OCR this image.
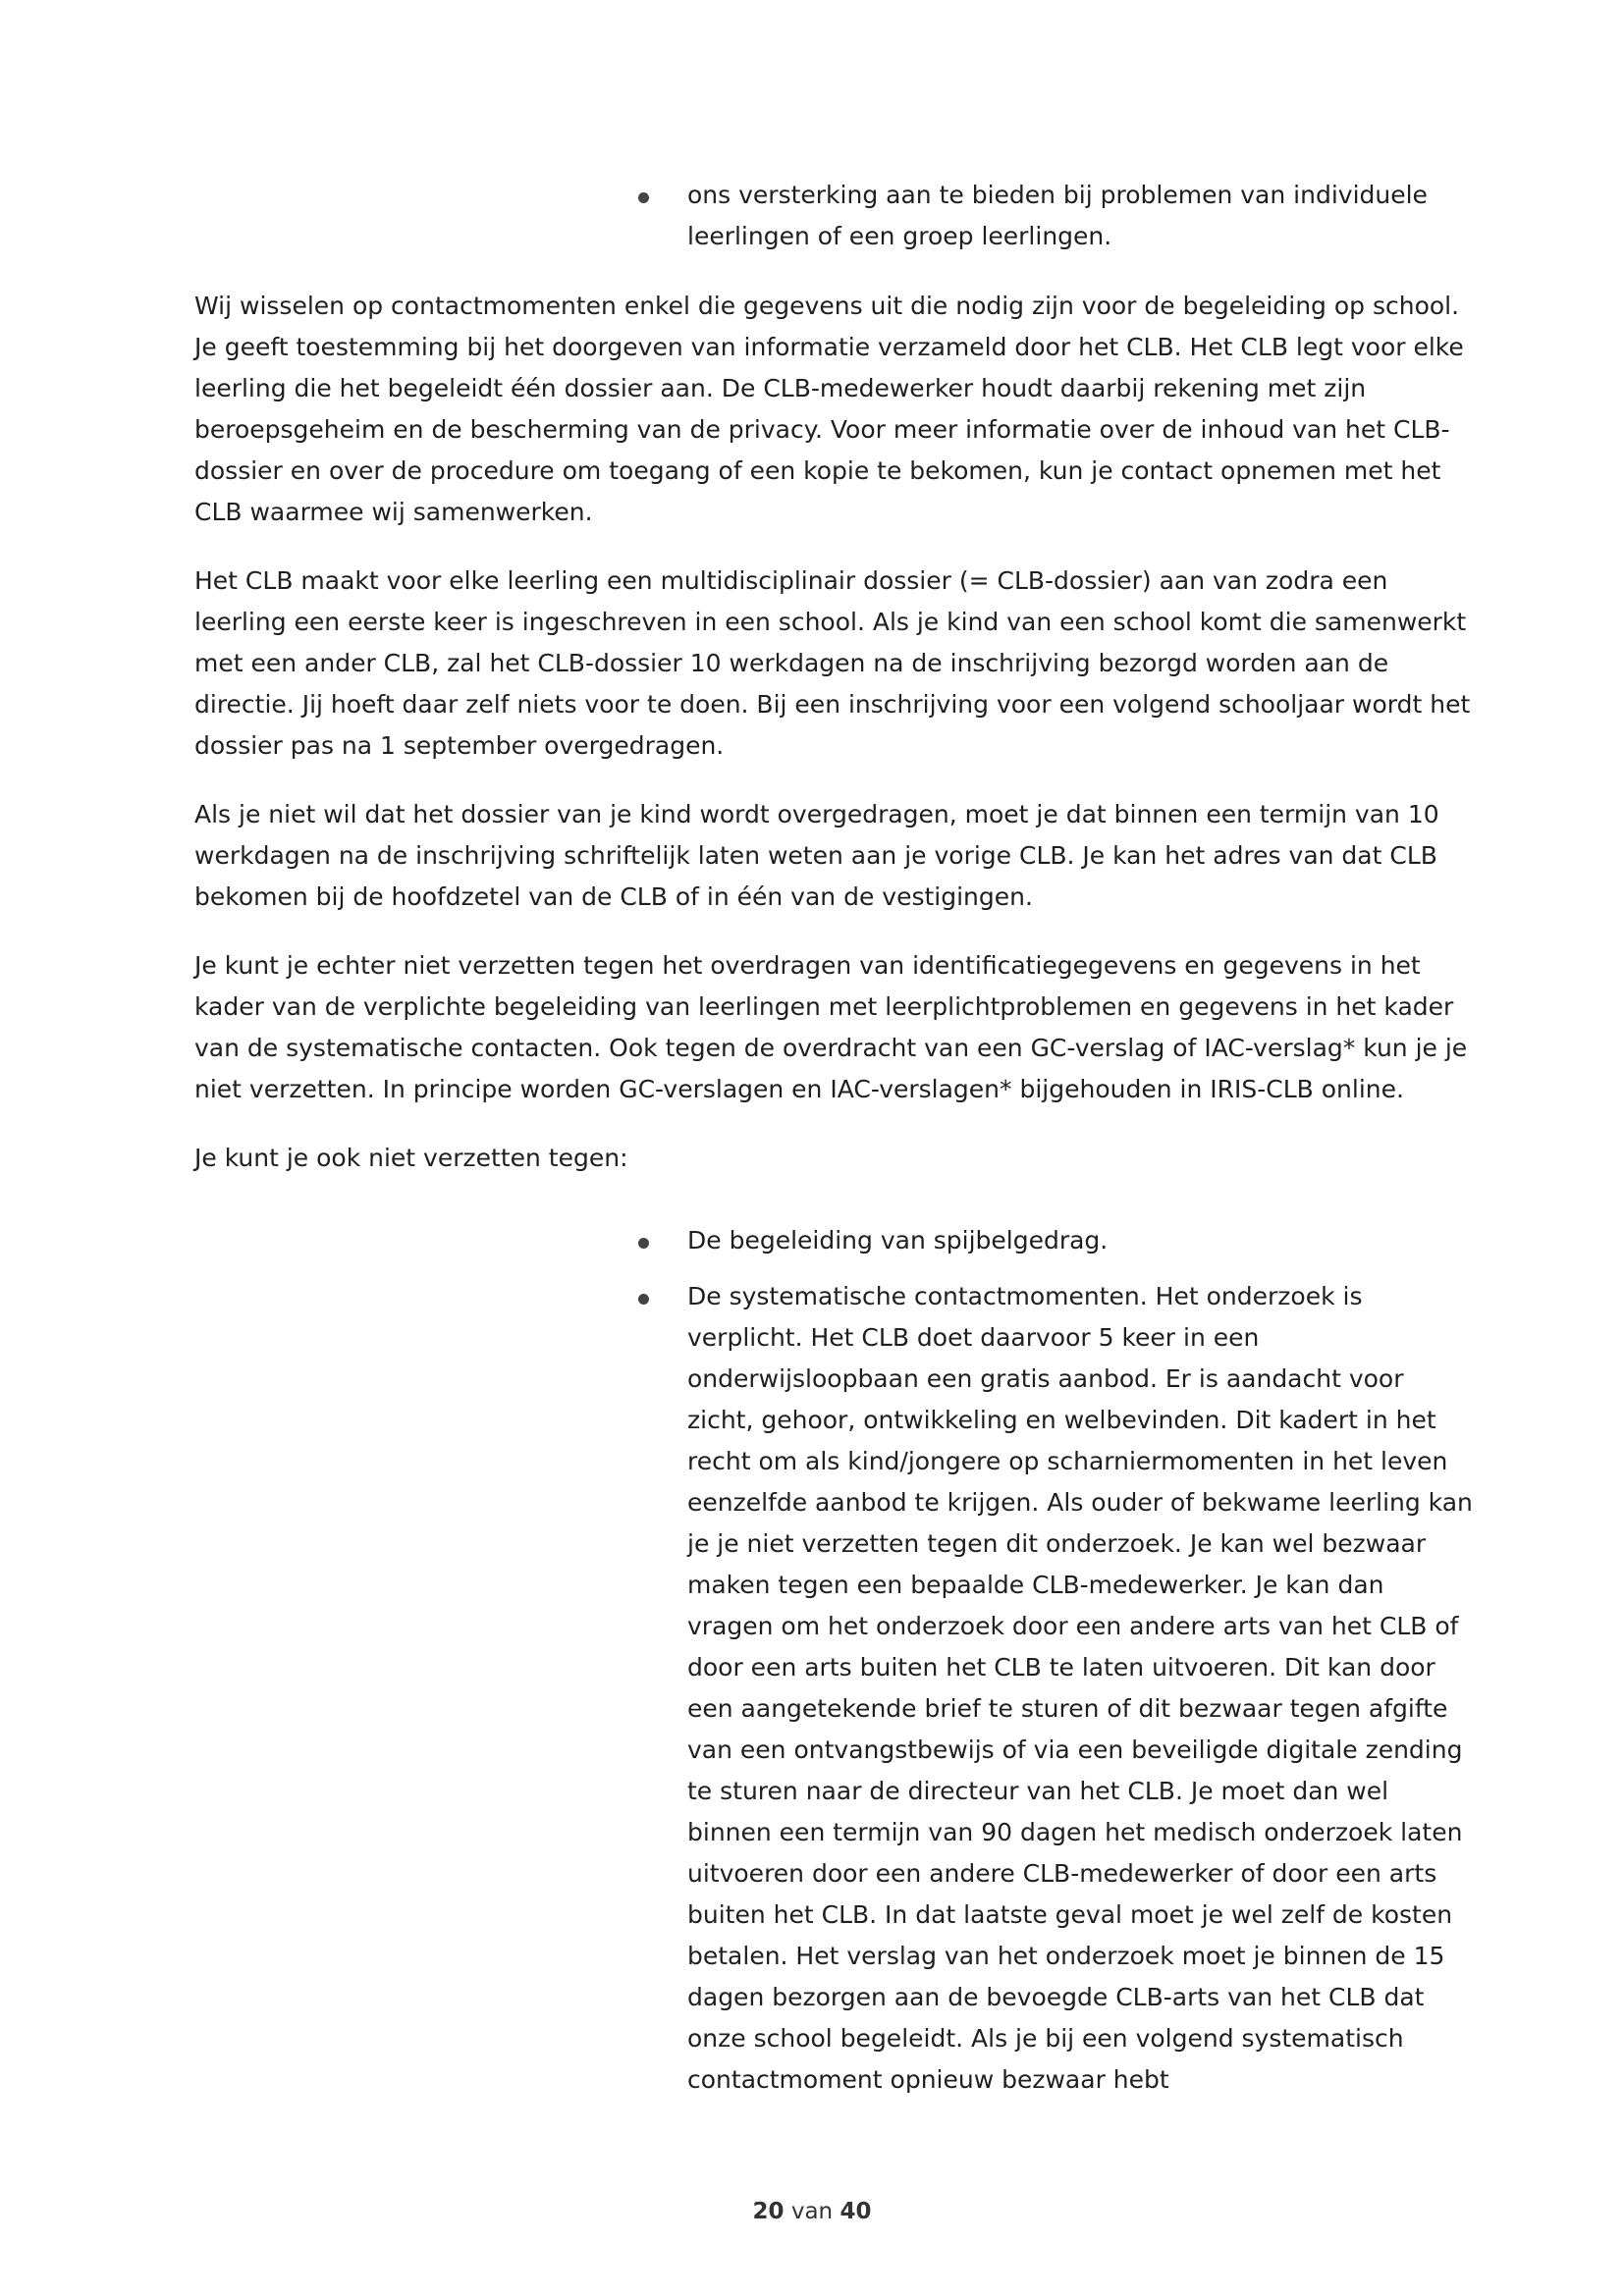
ons versterking aan te bieden bij problemen van individuele leerlingen of een groep leerlingen.

Wij wisselen op contactmomenten enkel die gegevens uit die nodig zijn voor de begeleiding op school. Je geeft toestemming bij het doorgeven van informatie verzameld door het CLB. Het CLB legt voor elke leerling die het begeleidt één dossier aan. De CLB-medewerker houdt daarbij rekening met zijn beroepsgeheim en de bescherming van de privacy. Voor meer informatie over de inhoud van het CLB-dossier en over de procedure om toegang of een kopie te bekomen, kun je contact opnemen met het CLB waarmee wij samenwerken.

Het CLB maakt voor elke leerling een multidisciplinair dossier (= CLB-dossier) aan van zodra een leerling een eerste keer is ingeschreven in een school. Als je kind van een school komt die samenwerkt met een ander CLB, zal het CLB-dossier 10 werkdagen na de inschrijving bezorgd worden aan de directie. Jij hoeft daar zelf niets voor te doen. Bij een inschrijving voor een volgend schooljaar wordt het dossier pas na 1 september overgedragen.

Als je niet wil dat het dossier van je kind wordt overgedragen, moet je dat binnen een termijn van 10 werkdagen na de inschrijving schriftelijk laten weten aan je vorige CLB. Je kan het adres van dat CLB bekomen bij de hoofdzetel van de CLB of in één van de vestigingen.

Je kunt je echter niet verzetten tegen het overdragen van identificatiegegevens en gegevens in het kader van de verplichte begeleiding van leerlingen met leerplichtproblemen en gegevens in het kader van de systematische contacten. Ook tegen de overdracht van een GC-verslag of IAC-verslag* kun je je niet verzetten. In principe worden GC-verslagen en IAC-verslagen* bijgehouden in IRIS-CLB online.

Je kunt je ook niet verzetten tegen:

De begeleiding van spijbelgedrag.
De systematische contactmomenten. Het onderzoek is verplicht. Het CLB doet daarvoor 5 keer in een onderwijsloopbaan een gratis aanbod. Er is aandacht voor zicht, gehoor, ontwikkeling en welbevinden. Dit kadert in het recht om als kind/jongere op scharniermomenten in het leven eenzelfde aanbod te krijgen. Als ouder of bekwame leerling kan je je niet verzetten tegen dit onderzoek. Je kan wel bezwaar maken tegen een bepaalde CLB-medewerker. Je kan dan vragen om het onderzoek door een andere arts van het CLB of door een arts buiten het CLB te laten uitvoeren. Dit kan door een aangetekende brief te sturen of dit bezwaar tegen afgifte van een ontvangstbewijs of via een beveiligde digitale zending te sturen naar de directeur van het CLB. Je moet dan wel binnen een termijn van 90 dagen het medisch onderzoek laten uitvoeren door een andere CLB-medewerker of door een arts buiten het CLB. In dat laatste geval moet je wel zelf de kosten betalen. Het verslag van het onderzoek moet je binnen de 15 dagen bezorgen aan de bevoegde CLB-arts van het CLB dat onze school begeleidt. Als je bij een volgend systematisch contactmoment opnieuw bezwaar hebt
20 van 40
